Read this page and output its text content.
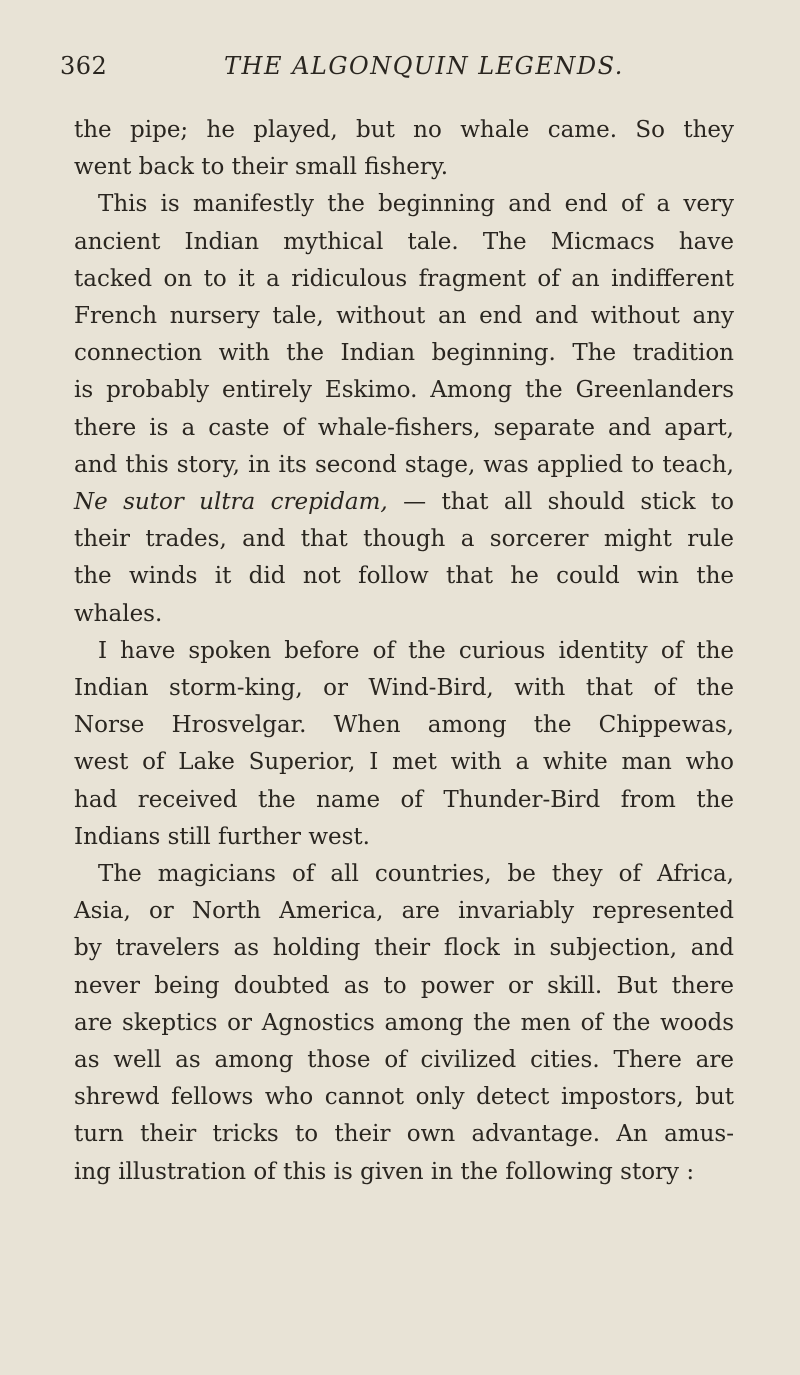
362	THE ALGONQUIN LEGENDS.
the pipe; he played, but no whale came. So they
went back to their small fishery.
This is manifestly the beginning and end of a very
ancient Indian mythical tale. The Micmacs have
tacked on to it a ridiculous fragment of an indifferent
French nursery tale, without an end and without any
connection with the Indian beginning. The tradition
is probably entirely Eskimo. Among the Greenlanders
there is a caste of whale-fishers, separate and apart,
and this story, in its second stage, was applied to teach,
Ne sutor ultra crepidam, — that all should stick to
their trades, and that though a sorcerer might rule
the winds it did not follow that he could win the
whales.
I have spoken before of the curious identity of the
Indian storm-king, or Wind-Bird, with that of the
Norse Hrosvelgar. When among the Chippewas,
west of Lake Superior, I met with a white man who
had received the name of Thunder-Bird from the
Indians still further west.
The magicians of all countries, be they of Africa,
Asia, or North America, are invariably represented
by travelers as holding their flock in subjection, and
never being doubted as to power or skill. But there
are skeptics or Agnostics among the men of the woods
as well as among those of civilized cities. There are
shrewd fellows who cannot only detect impostors, but
turn their tricks to their own advantage. An amus-
ing illustration of this is given in the following story :
